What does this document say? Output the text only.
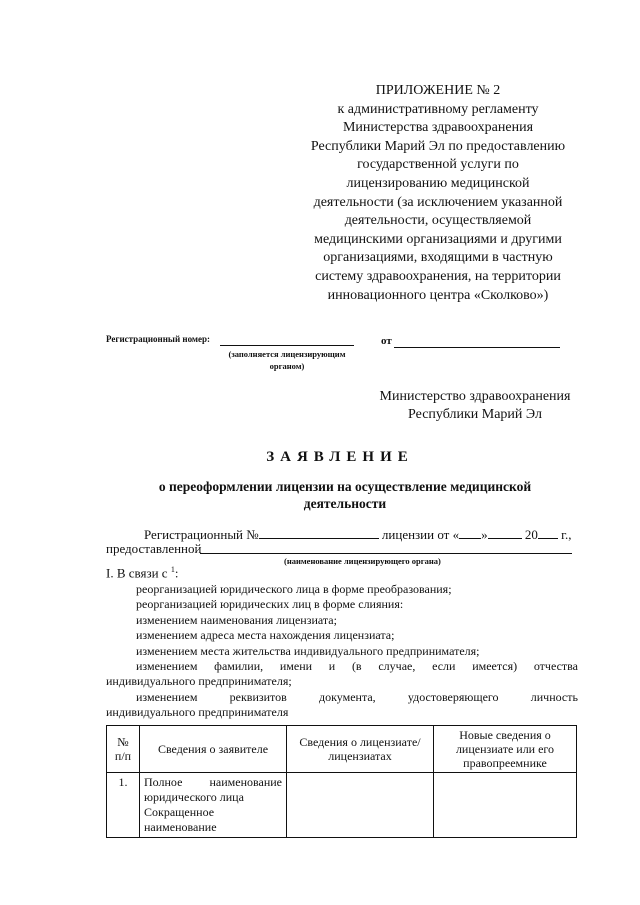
ПРИЛОЖЕНИЕ № 2
к административному регламенту
Министерства здравоохранения
Республики Марий Эл по предоставлению
государственной услуги по
лицензированию медицинской
деятельности (за исключением указанной
деятельности, осуществляемой
медицинскими организациями и другими
организациями, входящими в частную
систему здравоохранения, на территории
инновационного центра «Сколково»)
Регистрационный номер:
(заполняется лицензирующим
органом)
от
Министерство здравоохранения
Республики Марий Эл
ЗАЯВЛЕНИЕ
о переоформлении лицензии на осуществление медицинской
деятельности
Регистрационный №	лицензии от « »	20 г.,
предоставленной
(наименование лицензирующего органа)
I. В связи с $^1$:
реорганизацией юридического лица в форме преобразования;
реорганизацией юридических лиц в форме слияния:
изменением наименования лицензиата;
изменением адреса места нахождения лицензиата;
изменением места жительства индивидуального предпринимателя;
изменением фамилии, имени и (в случае, если имеется) отчества
индивидуального предпринимателя;
изменением	реквизитов	документа,	удостоверяющего	личность
индивидуального предпринимателя
№ п/п	Сведения о заявителе	Сведения о лицензиате/лицензиатах	Новые сведения о лицензиате или его правопреемнике
1.	Полное наименование юридического лица
Сокращенное наименование		
